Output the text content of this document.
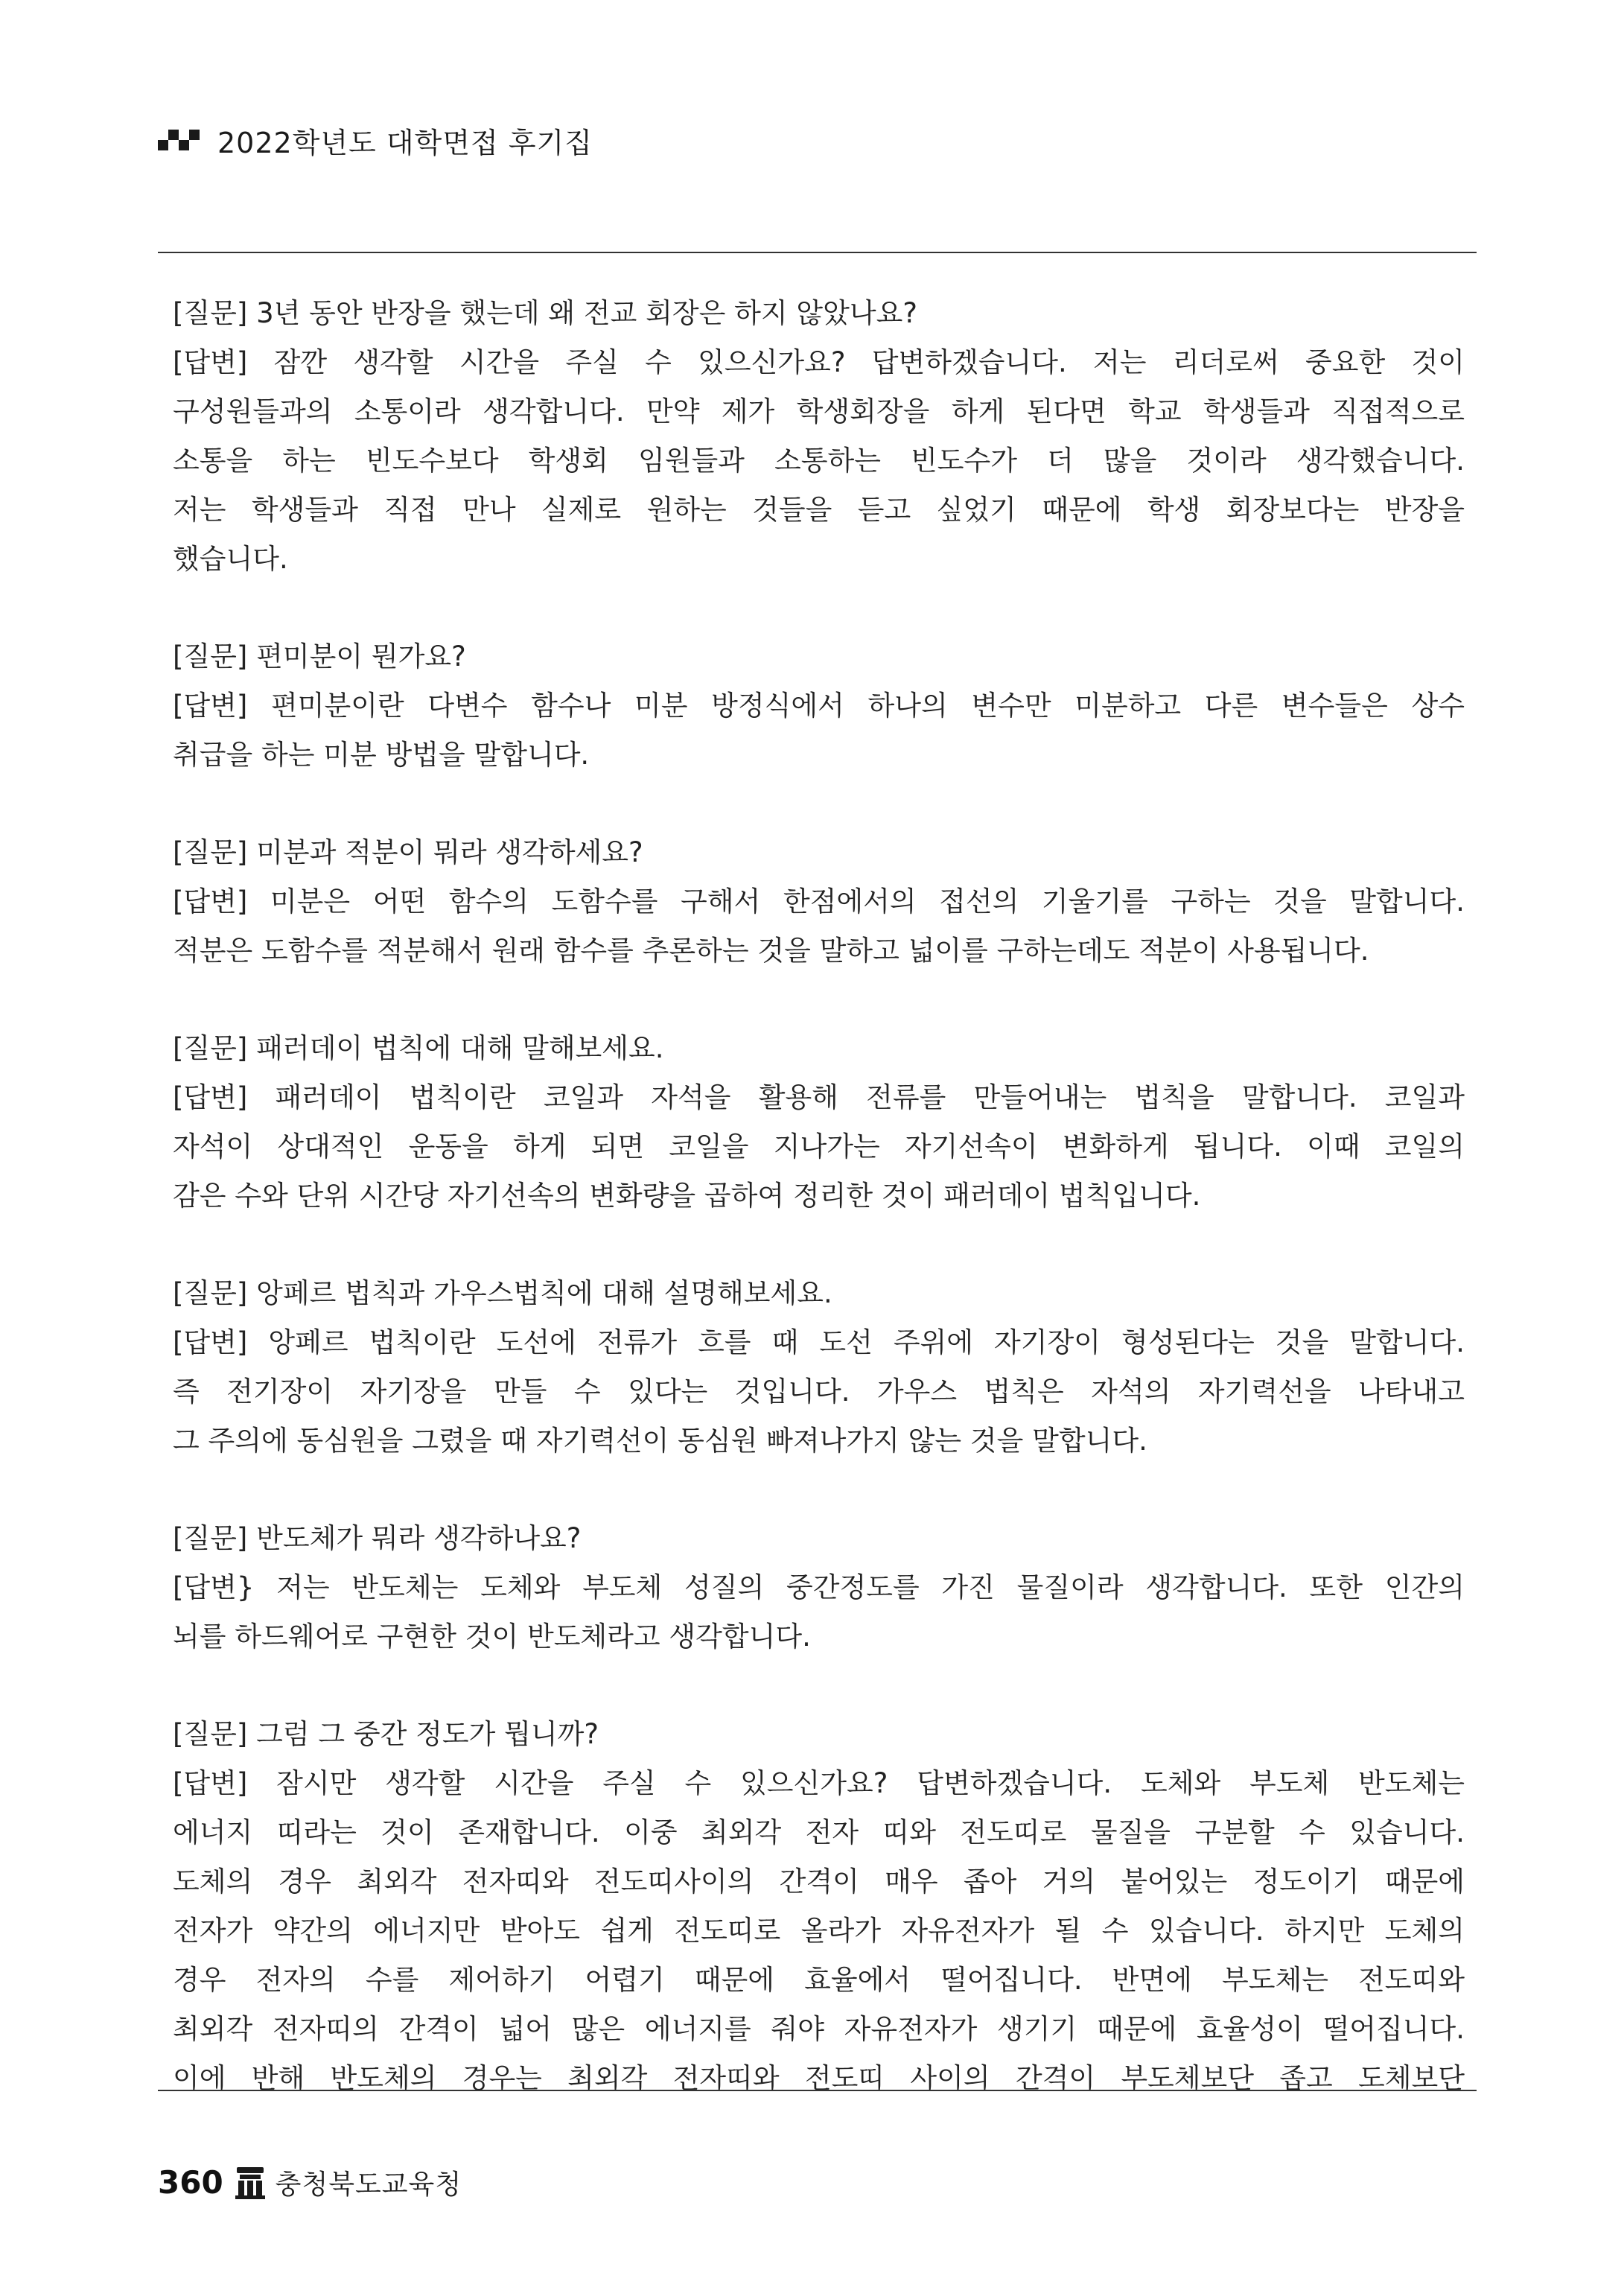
2022학년도 대학면접 후기집
[질문] 3년 동안 반장을 했는데 왜 전교 회장은 하지 않았나요?
[답변] 잠깐 생각할 시간을 주실 수 있으신가요? 답변하겠습니다. 저는 리더로써 중요한 것이
구성원들과의 소통이라 생각합니다. 만약 제가 학생회장을 하게 된다면 학교 학생들과 직접적으로
소통을 하는 빈도수보다 학생회 임원들과 소통하는 빈도수가 더 많을 것이라 생각했습니다.
저는 학생들과 직접 만나 실제로 원하는 것들을 듣고 싶었기 때문에 학생 회장보다는 반장을
했습니다.
[질문] 편미분이 뭔가요?
[답변] 편미분이란 다변수 함수나 미분 방정식에서 하나의 변수만 미분하고 다른 변수들은 상수
취급을 하는 미분 방법을 말합니다.
[질문] 미분과 적분이 뭐라 생각하세요?
[답변] 미분은 어떤 함수의 도함수를 구해서 한점에서의 접선의 기울기를 구하는 것을 말합니다.
적분은 도함수를 적분해서 원래 함수를 추론하는 것을 말하고 넓이를 구하는데도 적분이 사용됩니다.
[질문] 패러데이 법칙에 대해 말해보세요.
[답변] 패러데이 법칙이란 코일과 자석을 활용해 전류를 만들어내는 법칙을 말합니다. 코일과
자석이 상대적인 운동을 하게 되면 코일을 지나가는 자기선속이 변화하게 됩니다. 이때 코일의
감은 수와 단위 시간당 자기선속의 변화량을 곱하여 정리한 것이 패러데이 법칙입니다.
[질문] 앙페르 법칙과 가우스법칙에 대해 설명해보세요.
[답변] 앙페르 법칙이란 도선에 전류가 흐를 때 도선 주위에 자기장이 형성된다는 것을 말합니다.
즉 전기장이 자기장을 만들 수 있다는 것입니다. 가우스 법칙은 자석의 자기력선을 나타내고
그 주의에 동심원을 그렸을 때 자기력선이 동심원 빠져나가지 않는 것을 말합니다.
[질문] 반도체가 뭐라 생각하나요?
[답변} 저는 반도체는 도체와 부도체 성질의 중간정도를 가진 물질이라 생각합니다. 또한 인간의
뇌를 하드웨어로 구현한 것이 반도체라고 생각합니다.
[질문] 그럼 그 중간 정도가 뭡니까?
[답변] 잠시만 생각할 시간을 주실 수 있으신가요? 답변하겠습니다. 도체와 부도체 반도체는
에너지 띠라는 것이 존재합니다. 이중 최외각 전자 띠와 전도띠로 물질을 구분할 수 있습니다.
도체의 경우 최외각 전자띠와 전도띠사이의 간격이 매우 좁아 거의 붙어있는 정도이기 때문에
전자가 약간의 에너지만 받아도 쉽게 전도띠로 올라가 자유전자가 될 수 있습니다. 하지만 도체의
경우 전자의 수를 제어하기 어렵기 때문에 효율에서 떨어집니다. 반면에 부도체는 전도띠와
최외각 전자띠의 간격이 넓어 많은 에너지를 줘야 자유전자가 생기기 때문에 효율성이 떨어집니다.
이에 반해 반도체의 경우는 최외각 전자띠와 전도띠 사이의 간격이 부도체보단 좁고 도체보단
360 충청북도교육청
